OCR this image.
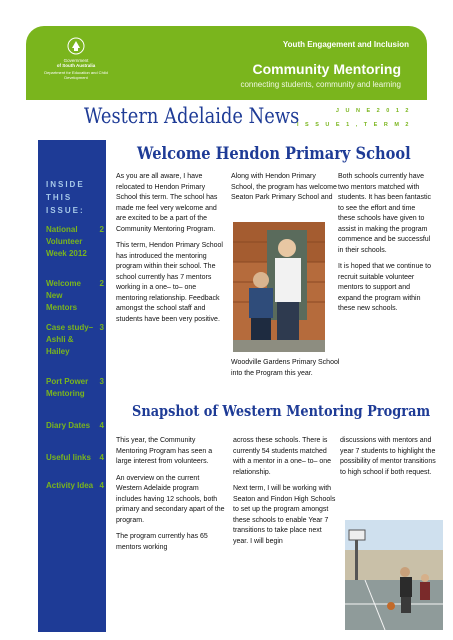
Government
of South Australia
Department for Education and Child Development
Youth Engagement and Inclusion
Community Mentoring
connecting students, community and learning
Western Adelaide News	J U N E 2 0 1 2
I S S U E 1 , T E R M 2
INSIDE
THIS
ISSUE:
National Volunteer Week 20122
Welcome New Mentors2
Case study– Ashli & Hailey3
Port Power Mentoring3
Diary Dates 4
Useful links 4
Activity Idea 4
Welcome Hendon Primary School

As you are all aware, I have relocated to Hendon Primary School this term. The school has made me feel very welcome and are excited to be a part of the Community Mentoring Program.

This term, Hendon Primary School has introduced the mentoring program within their school. The school currently has 7 mentors working in a one– to– one mentoring relationship. Feedback amongst the school staff and students have been very positive.

Along with Hendon Primary School, the program has welcome Seaton Park Primary School and

Woodville Gardens Primary School into the Program this year.

Both schools currently have two mentors matched with students. It has been fantastic to see the effort and time these schools have given to assist in making the program commence and be successful in their schools.

It is hoped that we continue to recruit suitable volunteer mentors to support and expand the program within these new schools.

Snapshot of Western Mentoring Program

This year, the Community Mentoring Program has seen a large interest from volunteers.

An overview on the current Western Adelaide program includes having 12 schools, both primary and secondary apart of the program.

The program currently has 65 mentors working

across these schools. There is currently 54 students matched with a mentor in a one– to– one relationship.

Next term, I will be working with Seaton and Findon High Schools to set up the program amongst these schools to enable Year 7 transitions to take place next year. I will begin

discussions with mentors and year 7 students to highlight the possibility of mentor transitions to high school if both request.
